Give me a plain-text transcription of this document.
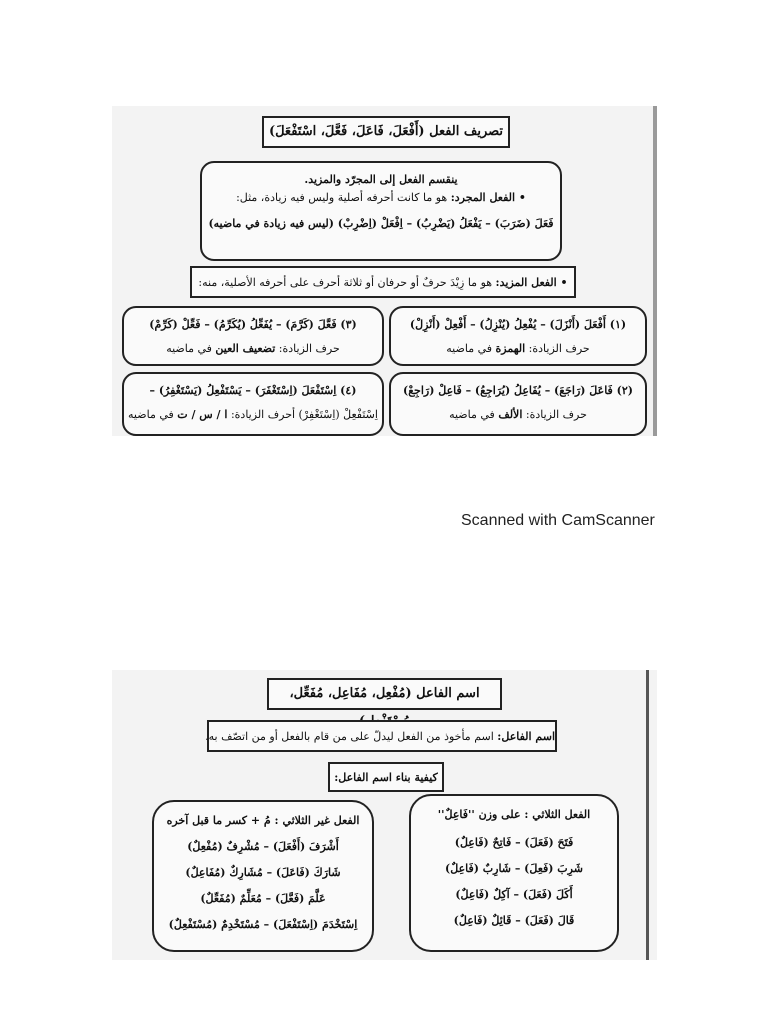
تصريف الفعل (أَفْعَلَ، فَاعَلَ، فَعَّلَ، اسْتَفْعَلَ)
ينقسم الفعل إلى المجرّد والمزيد.
• الفعل المجرد: هو ما كانت أحرفه أصلية وليس فيه زيادة، مثل:
فَعَلَ (ضَرَبَ) – يَفْعَلُ (يَضْرِبُ) – اِفْعَلْ (اِضْرِبْ) (ليس فيه زيادة في ماضيه)
• الفعل المزيد: هو ما زِيْدَ حرفٌ أو حرفان أو ثلاثة أحرف على أحرفه الأصلية، منه:
(١) أَفْعَلَ (أَنْزَلَ) – يُفْعِلُ (يُنْزِلُ) – أَفْعِلْ (أَنْزِلْ)
حرف الزيادة: الهمزة في ماضيه
(٣) فَعَّلَ (كَرَّمَ) – يُفَعِّلُ (يُكَرِّمُ) – فَعِّلْ (كَرِّمْ)
حرف الزيادة: تضعيف العين في ماضيه
(٢) فَاعَلَ (رَاجَعَ) – يُفَاعِلُ (يُرَاجِعُ) – فَاعِلْ (رَاجِعْ)
حرف الزيادة: الألف في ماضيه
(٤) اِسْتَفْعَلَ (اِسْتَغْفَرَ) – يَسْتَفْعِلُ (يَسْتَغْفِرُ) –
اِسْتَفْعِلْ (اِسْتَغْفِرْ) أحرف الزيادة: ا / س / ت في ماضيه
Scanned with CamScanner
اسم الفاعل (مُفْعِل، مُفَاعِل، مُفَعِّل،
اسم الفاعل: اسم مأخوذ من الفعل ليدلّ على من قام بالفعل أو من اتصّف به.
كيفية بناء اسم الفاعل:
الفعل الثلاثي : على وزن ''فَاعِلٌ''
فَتَحَ (فَعَلَ) – فَاتِحٌ (فَاعِلٌ)
شَرِبَ (فَعِلَ) – شَارِبٌ (فَاعِلٌ)
أَكَلَ (فَعَلَ) – آكِلٌ (فَاعِلٌ)
قَالَ (فَعَلَ) – قَائِلٌ (فَاعِلٌ)
الفعل غير الثلاثي : مُ + كسر ما قبل آخره
أَشْرَفَ (أَفْعَلَ) – مُشْرِفٌ (مُفْعِلٌ)
شَارَكَ (فَاعَلَ) – مُشَارِكٌ (مُفَاعِلٌ)
عَلَّمَ (فَعَّلَ) – مُعَلِّمٌ (مُفَعِّلٌ)
اِسْتَخْدَمَ (اِسْتَفْعَلَ) – مُسْتَخْدِمٌ (مُسْتَفْعِلٌ)
